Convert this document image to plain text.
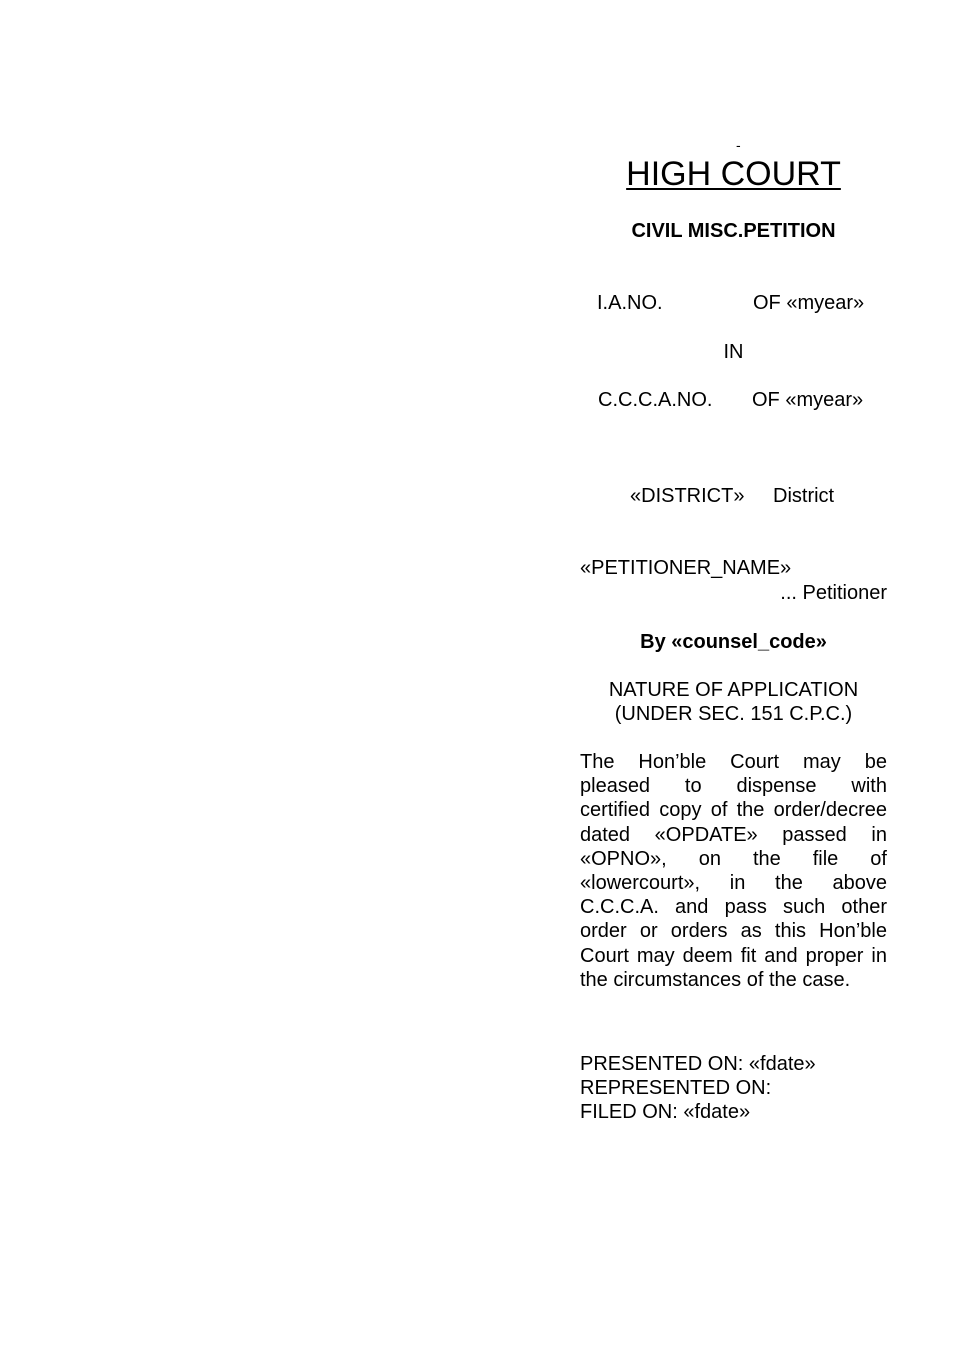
-
HIGH COURT
CIVIL MISC.PETITION
I.A.NO.	OF «myear»
IN
C.C.C.A.NO. OF «myear»
«DISTRICT» District
«PETITIONER_NAME»
... Petitioner
By «counsel_code»
NATURE OF APPLICATION
(UNDER SEC. 151 C.P.C.)
The Hon’ble Court may be
pleased to dispense with
certified copy of the order/decree
dated «OPDATE» passed in
«OPNO», on the file of
«lowercourt», in the above
C.C.C.A. and pass such other
order or orders as this Hon’ble
Court may deem fit and proper in
the circumstances of the case.
PRESENTED ON: «fdate»
REPRESENTED ON:
FILED ON: «fdate»
